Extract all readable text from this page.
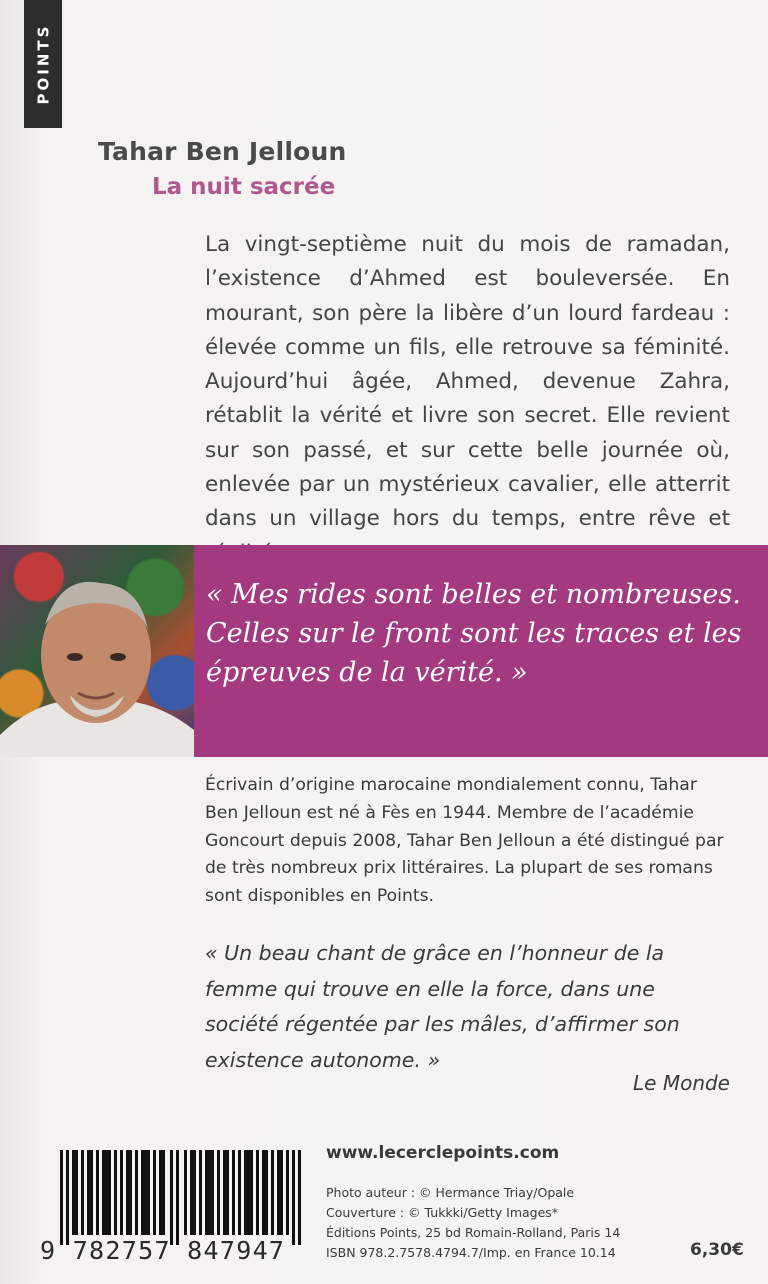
POINTS
Tahar Ben Jelloun
La nuit sacrée

La vingt-septième nuit du mois de ramadan, l’existence d’Ahmed est bouleversée. En mourant, son père la libère d’un lourd fardeau : élevée comme un fils, elle retrouve sa féminité. Aujourd’hui âgée, Ahmed, devenue Zahra, rétablit la vérité et livre son secret. Elle revient sur son passé, et sur cette belle journée où, enlevée par un mystérieux cavalier, elle atterrit dans un village hors du temps, entre rêve et

« Mes rides sont belles et nombreuses. Celles sur le front sont les traces et les épreuves de la vérité. »

Écrivain d’origine marocaine mondialement connu, Tahar Ben Jelloun est né à Fès en 1944. Membre de l’académie Goncourt depuis 2008, Tahar Ben Jelloun a été distingué par de très nombreux prix littéraires. La plupart de ses romans sont disponibles en Points.

« Un beau chant de grâce en l’honneur de la femme qui trouve en elle la force, dans une société régentée par les mâles, d’affirmer son existence autonome. »

Le Monde
9 782757 847947
www.lecerclepoints.com
Photo auteur : © Hermance Triay/Opale
Couverture : © Tukkki/Getty Images*
Éditions Points, 25 bd Romain-Rolland, Paris 14
ISBN 978.2.7578.4794.7/Imp. en France 10.14	6,30€
